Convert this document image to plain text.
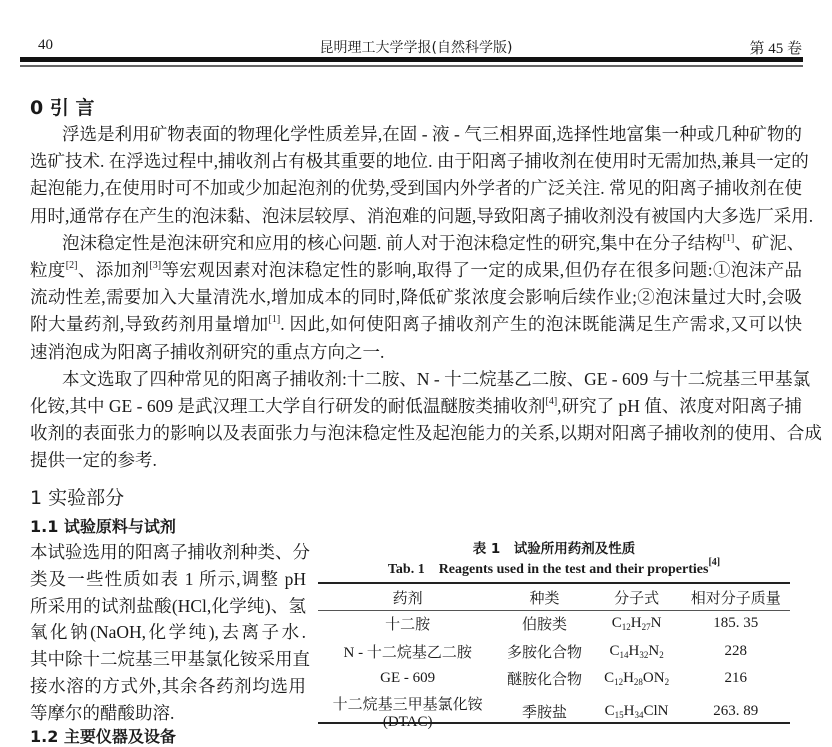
40	昆明理工大学学报(自然科学版)	第 45 卷
0 引 言
浮选是利用矿物表面的物理化学性质差异,在固 - 液 - 气三相界面,选择性地富集一种或几种矿物的
选矿技术. 在浮选过程中,捕收剂占有极其重要的地位. 由于阳离子捕收剂在使用时无需加热,兼具一定的
起泡能力,在使用时可不加或少加起泡剂的优势,受到国内外学者的广泛关注. 常见的阳离子捕收剂在使
用时,通常存在产生的泡沫黏、泡沫层较厚、消泡难的问题,导致阳离子捕收剂没有被国内大多选厂采用.
泡沫稳定性是泡沫研究和应用的核心问题. 前人对于泡沫稳定性的研究,集中在分子结构[1]、矿泥、
粒度[2]、添加剂[3]等宏观因素对泡沫稳定性的影响,取得了一定的成果,但仍存在很多问题:①泡沫产品
流动性差,需要加入大量清洗水,增加成本的同时,降低矿浆浓度会影响后续作业;②泡沫量过大时,会吸
附大量药剂,导致药剂用量增加[1]. 因此,如何使阳离子捕收剂产生的泡沫既能满足生产需求,又可以快
速消泡成为阳离子捕收剂研究的重点方向之一.
本文选取了四种常见的阳离子捕收剂:十二胺、N - 十二烷基乙二胺、GE - 609 与十二烷基三甲基氯
化铵,其中 GE - 609 是武汉理工大学自行研发的耐低温醚胺类捕收剂[4],研究了 pH 值、浓度对阳离子捕
收剂的表面张力的影响以及表面张力与泡沫稳定性及起泡能力的关系,以期对阳离子捕收剂的使用、合成
提供一定的参考.
1 实验部分
1.1 试验原料与试剂
本试验选用的阳离子捕收剂种类、分
类及一些性质如表 1 所示,调整 pH
所采用的试剂盐酸(HCl,化学纯)、氢
氧化钠(NaOH,化学纯),去离子水.
其中除十二烷基三甲基氯化铵采用直
接水溶的方式外,其余各药剂均选用
等摩尔的醋酸助溶.
1.2 主要仪器及设备
表 1　试验所用药剂及性质
Tab. 1　Reagents used in the test and their properties[4]
药剂	种类	分子式	相对分子质量
十二胺	伯胺类	$C_{12}H_{27}N$	185. 35
N - 十二烷基乙二胺	多胺化合物	$C_{14}H_{32}N_2$	228
GE - 609	醚胺化合物	$C_{12}H_{28}ON_2$	216
十二烷基三甲基氯化铵(DTAC)	季胺盐	$C_{15}H_{34}ClN$	263. 89
